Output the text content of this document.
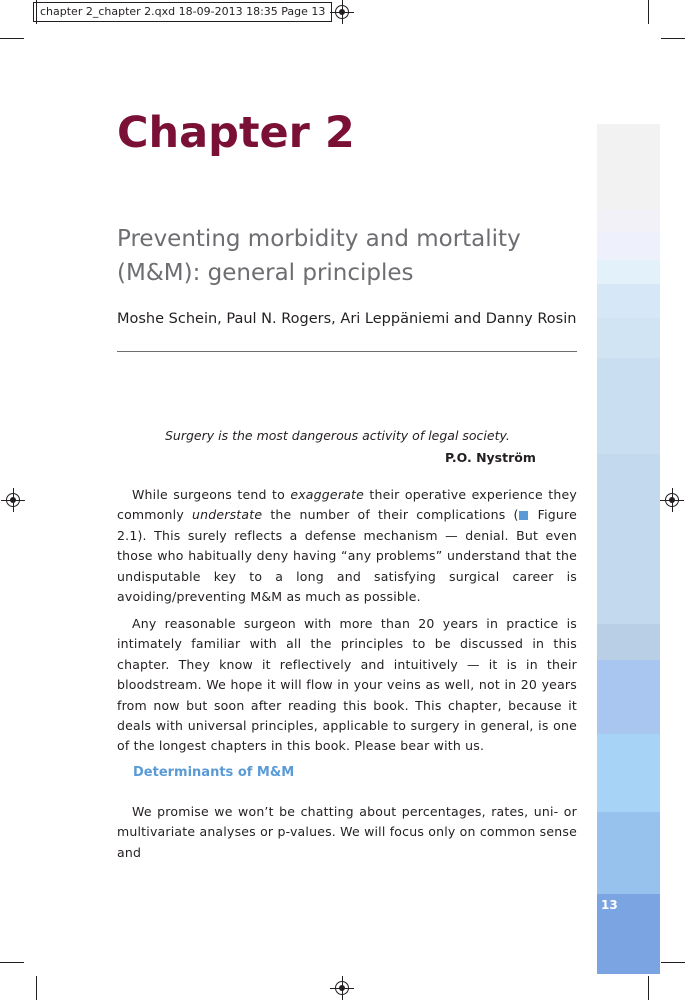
chapter 2_chapter 2.qxd 18-09-2013 18:35 Page 13

13

Chapter 2
Preventing morbidity and mortality (M&M): general principles

Moshe Schein, Paul N. Rogers, Ari Leppäniemi and Danny Rosin

Surgery is the most dangerous activity of legal society.

P.O. Nyström

While surgeons tend to exaggerate their operative experience they commonly understate the number of their complications ( Figure 2.1). This surely reflects a defense mechanism — denial. But even those who habitually deny having “any problems” understand that the undisputable key to a long and satisfying surgical career is avoiding/preventing M&M as much as possible.

Any reasonable surgeon with more than 20 years in practice is intimately familiar with all the principles to be discussed in this chapter. They know it reflectively and intuitively — it is in their bloodstream. We hope it will flow in your veins as well, not in 20 years from now but soon after reading this book. This chapter, because it deals with universal principles, applicable to surgery in general, is one of the longest chapters in this book. Please bear with us.

Determinants of M&M

We promise we won’t be chatting about percentages, rates, uni- or multivariate analyses or p-values. We will focus only on common sense and
